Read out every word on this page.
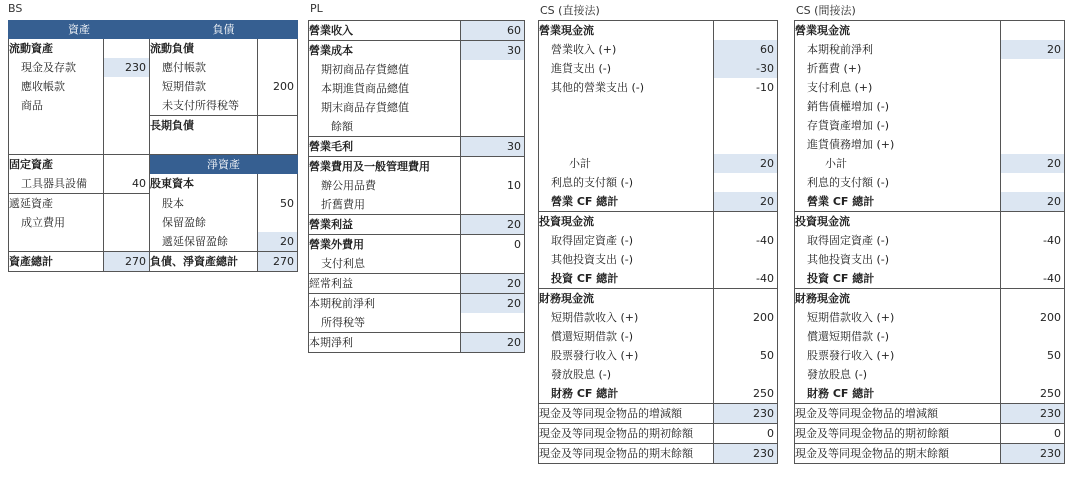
BS	PL	CS (直接法)	CS (間接法)
資產		負債	
流動資產		流動負債	
現金及存款	230	應付帳款	
應收帳款		短期借款	200
商品		未支付所得稅等	
		長期負債	

固定資產		淨資產	
工具器具設備	40	股東資本	
遞延資產		股本	50
成立費用		保留盈餘	
		遞延保留盈餘	20
資產總計	270	負債、淨資產總計	270
營業收入	60
營業成本	30
期初商品存貨總值	
本期進貨商品總值	
期末商品存貨總值	
餘額	
營業毛利	30
營業費用及一般管理費用	
辦公用品費	10
折舊費用	
營業利益	20
營業外費用	0
支付利息	
經常利益	20
本期稅前淨利	20
所得稅等	
本期淨利	20
營業現金流	
營業收入 (+)	60
進貨支出 (-)	-30
其他的營業支出 (-)	-10

小計	20
利息的支付額 (-)	
營業 CF 總計	20
投資現金流	
取得固定資產 (-)	-40
其他投資支出 (-)	
投資 CF 總計	-40
財務現金流	
短期借款收入 (+)	200
償還短期借款 (-)	
股票發行收入 (+)	50
發放股息 (-)	
財務 CF 總計	250
現金及等同現金物品的增減額	230
現金及等同現金物品的期初餘額	0
現金及等同現金物品的期末餘額	230
營業現金流	
本期稅前淨利	20
折舊費 (+)	
支付利息 (+)	
銷售債權增加 (-)	
存貨資產增加 (-)	
進貨債務增加 (+)	
小計	20
利息的支付額 (-)	
營業 CF 總計	20
投資現金流	
取得固定資產 (-)	-40
其他投資支出 (-)	
投資 CF 總計	-40
財務現金流	
短期借款收入 (+)	200
償還短期借款 (-)	
股票發行收入 (+)	50
發放股息 (-)	
財務 CF 總計	250
現金及等同現金物品的增減額	230
現金及等同現金物品的期初餘額	0
現金及等同現金物品的期末餘額	230
